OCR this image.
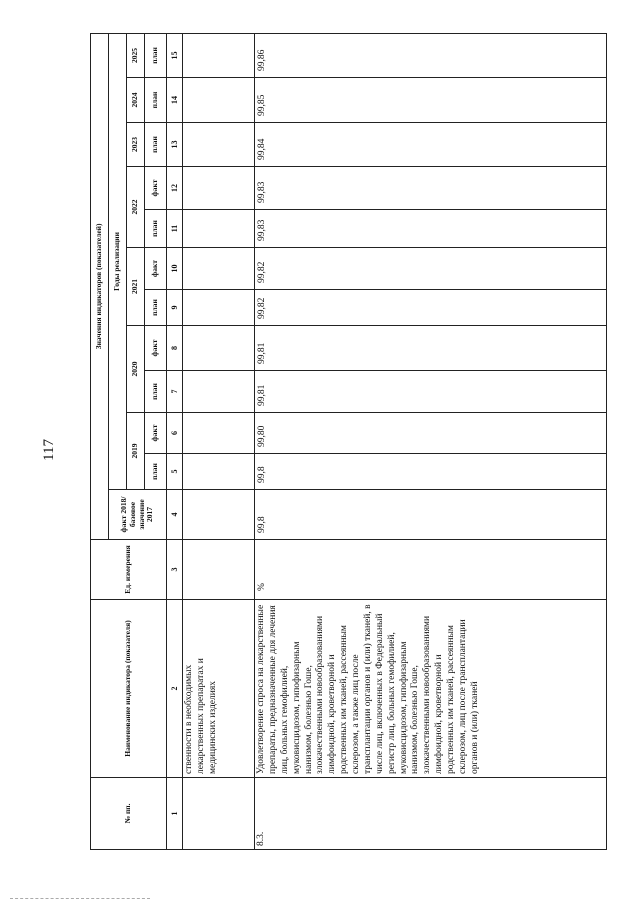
117
№ пп.	Наименование индикатора (показателя)	Ед. измерения	Значения индикаторов (показателей)											
			факт 2018/базовое значение 2017	Годы реализации										
				2019		2020		2021		2022		2023	2024	2025
				план	факт	план	факт	план	факт	план	факт	план	план	план
1	2	3	4	5	6	7	8	9	10	11	12	13	14	15
	ственности в необходимых лекарственных препаратах и медицинских изделиях													
8.3.	Удовлетворение спроса на лекарственные препараты, предназначенные для лечения лиц, больных гемофилией, муковисцидозом, гипофизарным нанизмом, болезнью Гоше, злокачественными новообразованиями лимфоидной, кроветворной и родственных им тканей, рассеянным склерозом, а также лиц после трансплантации органов и (или) тканей, в числе лиц, включенных в Федеральный регистр лиц, больных гемофилией, муковисцидозом, гипофизарным нанизмом, болезнью Гоше, злокачественными новообразованиями лимфоидной, кроветворной и родственных им тканей, рассеянным склерозом, лиц после трансплантации органов и (или) тканей	%	99,8	99,8	99,80	99,81	99,81	99,82	99,82	99,83	99,83	99,84	99,85	99,86
